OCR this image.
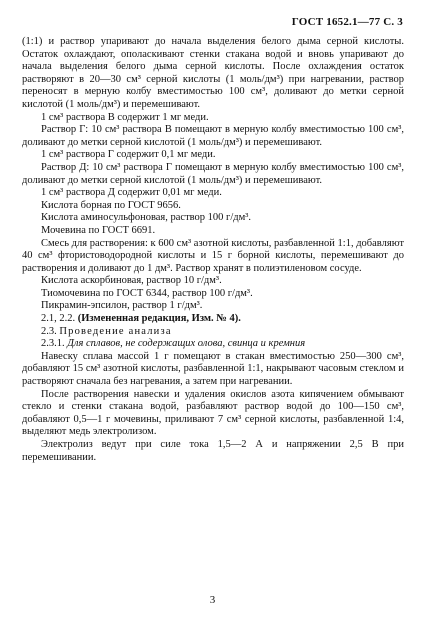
ГОСТ 1652.1—77 С. 3

(1:1) и раствор упаривают до начала выделения белого дыма серной кислоты. Остаток охлаждают, ополаскивают стенки стакана водой и вновь упаривают до начала выделения белого дыма серной кислоты. После охлаждения остаток растворяют в 20—30 см³ серной кислоты (1 моль/дм³) при нагревании, раствор переносят в мерную колбу вместимостью 100 см³, доливают до метки серной кислотой (1 моль/дм³) и перемешивают.

1 см³ раствора В содержит 1 мг меди.

Раствор Г: 10 см³ раствора В помещают в мерную колбу вместимостью 100 см³, доливают до метки серной кислотой (1 моль/дм³) и перемешивают.

1 см³ раствора Г содержит 0,1 мг меди.

Раствор Д: 10 см³ раствора Г помещают в мерную колбу вместимостью 100 см³, доливают до метки серной кислотой (1 моль/дм³) и перемешивают.

1 см³ раствора Д содержит 0,01 мг меди.

Кислота борная по ГОСТ 9656.

Кислота аминосульфоновая, раствор 100 г/дм³.

Мочевина по ГОСТ 6691.

Смесь для растворения: к 600 см³ азотной кислоты, разбавленной 1:1, добавляют 40 см³ фтористоводородной кислоты и 15 г борной кислоты, перемешивают до растворения и доливают до 1 дм³. Раствор хранят в полиэтиленовом сосуде.

Кислота аскорбиновая, раствор 10 г/дм³.

Тиомочевина по ГОСТ 6344, раствор 100 г/дм³.

Пикрамин-эпсилон, раствор 1 г/дм³.

2.1, 2.2. (Измененная редакция, Изм. № 4).

2.3. Проведение анализа

2.3.1. Для сплавов, не содержащих олова, свинца и кремния

Навеску сплава массой 1 г помещают в стакан вместимостью 250—300 см³, добавляют 15 см³ азотной кислоты, разбавленной 1:1, накрывают часовым стеклом и растворяют сначала без нагревания, а затем при нагревании.

После растворения навески и удаления окислов азота кипячением обмывают стекло и стенки стакана водой, разбавляют раствор водой до 100—150 см³, добавляют 0,5—1 г мочевины, приливают 7 см³ серной кислоты, разбавленной 1:4, выделяют медь электролизом.

Электролиз ведут при силе тока 1,5—2 А и напряжении 2,5 В при перемешивании.

3
